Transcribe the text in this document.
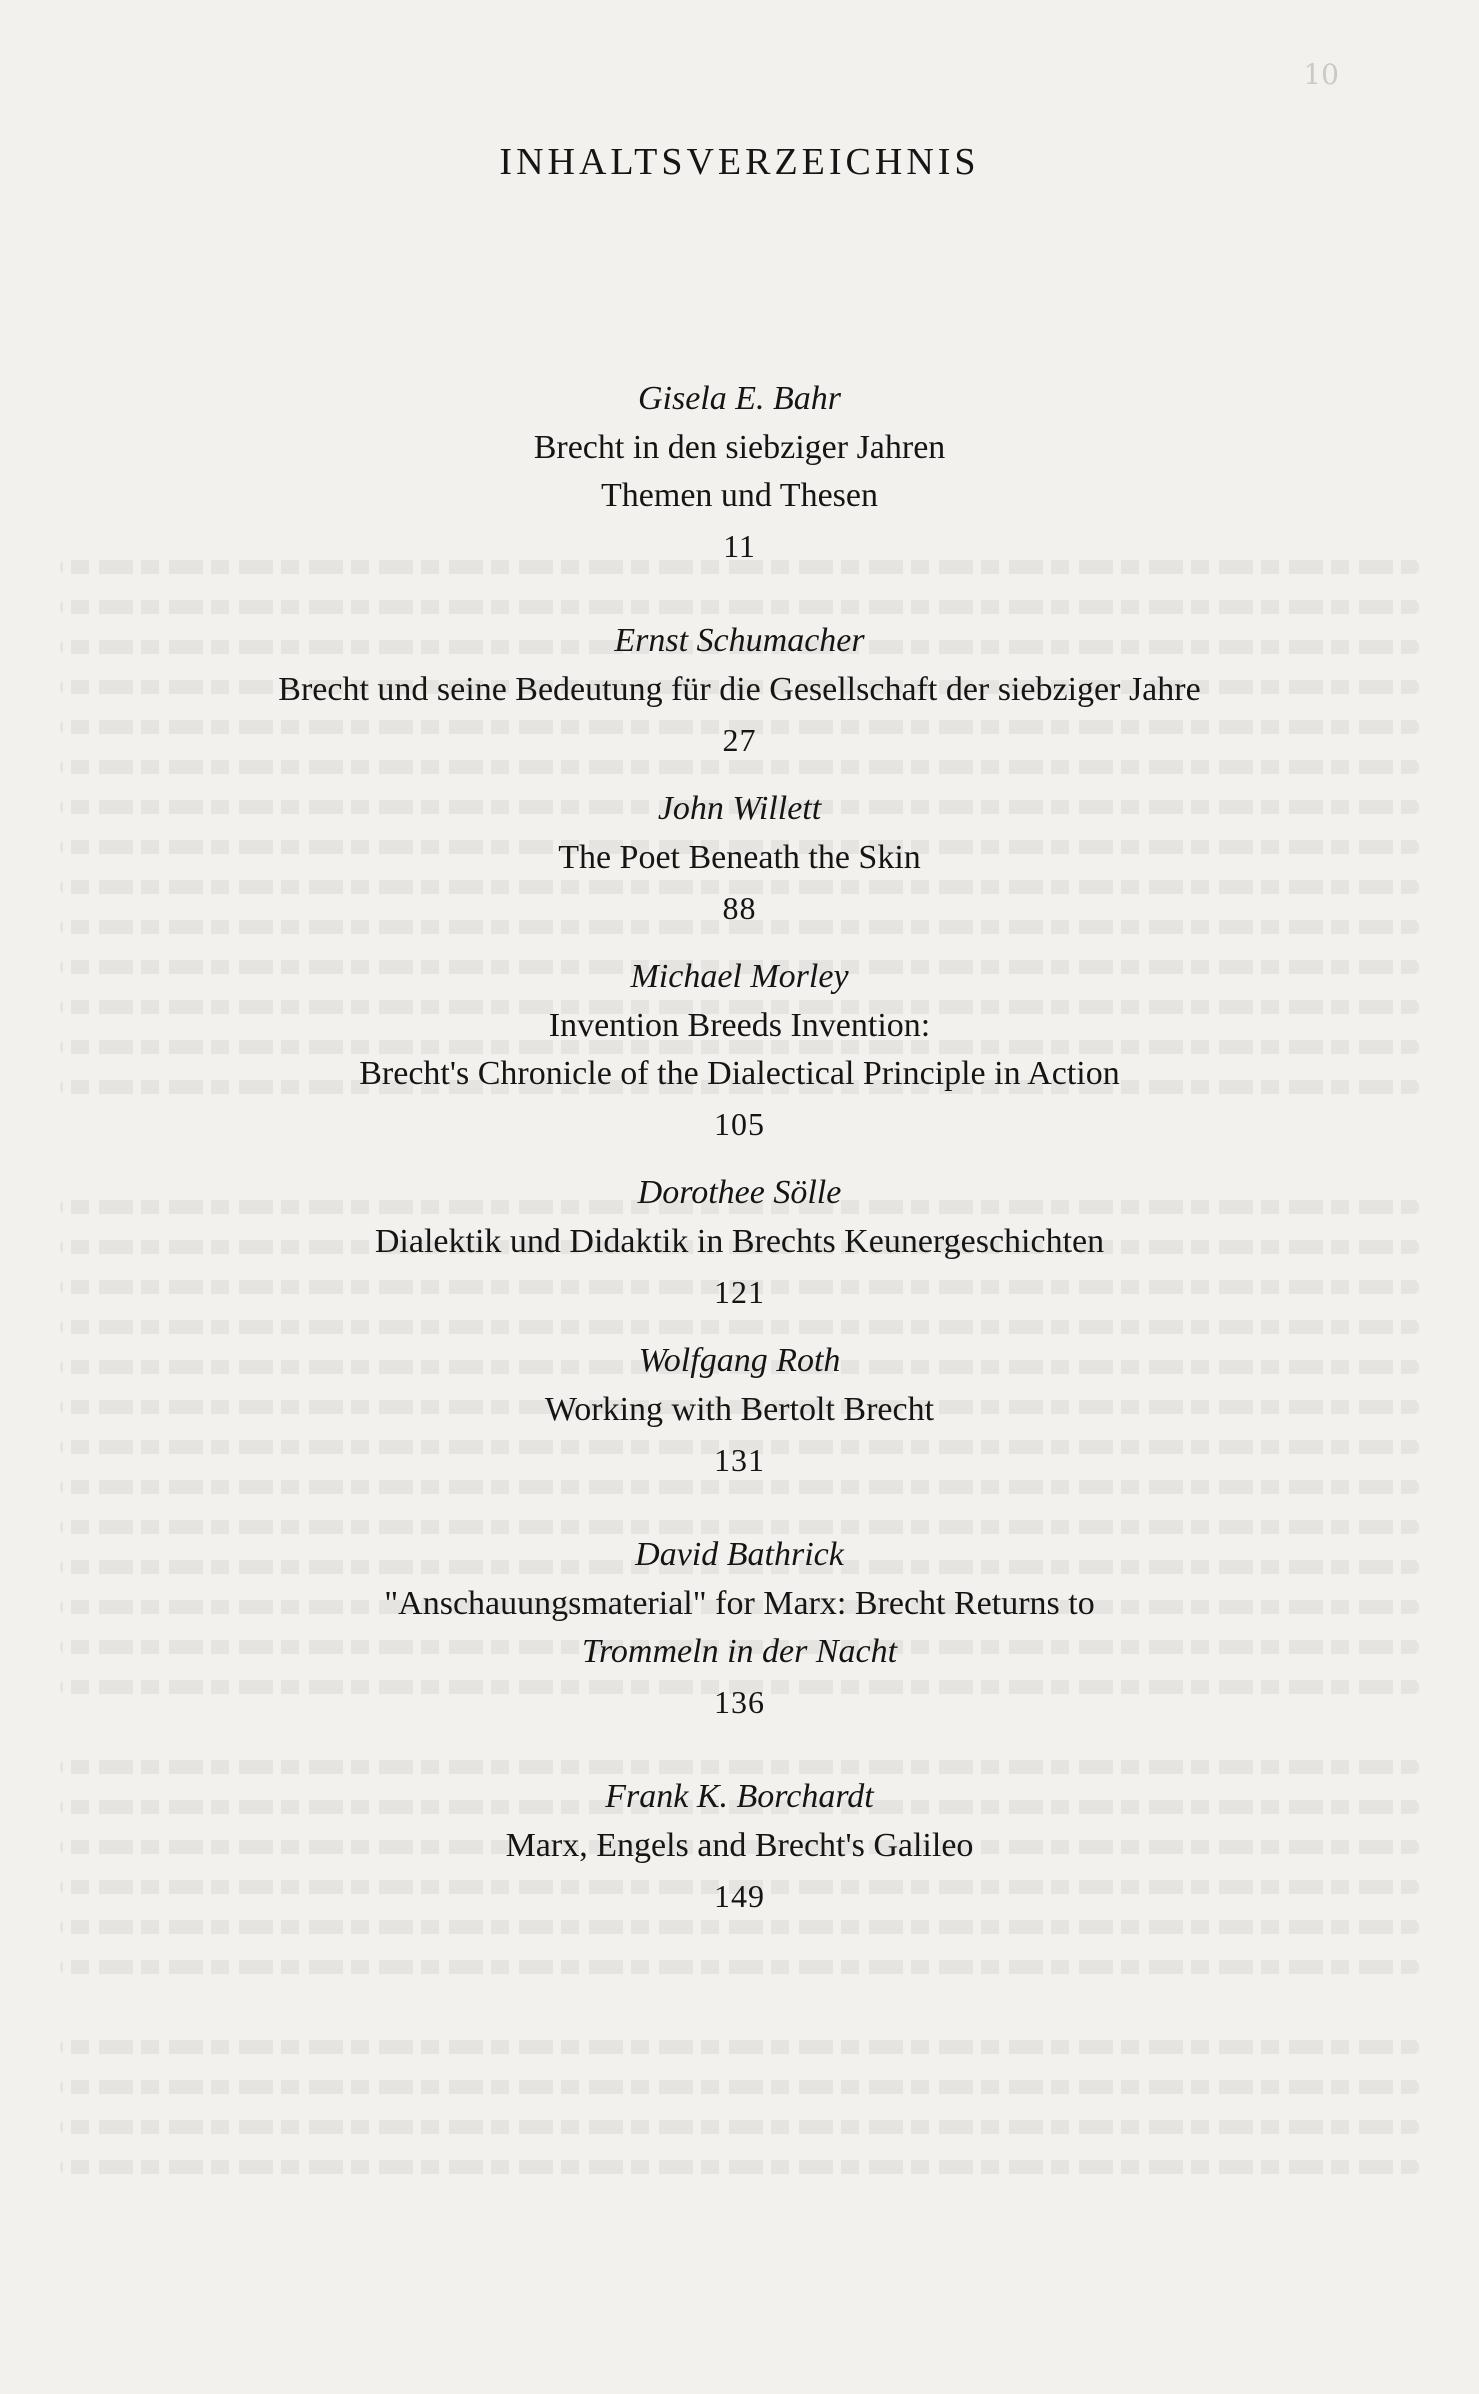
10
INHALTSVERZEICHNIS
Gisela E. Bahr
Brecht in den siebziger Jahren
Themen und Thesen
11
Ernst Schumacher
Brecht und seine Bedeutung für die Gesellschaft der siebziger Jahre
27
John Willett
The Poet Beneath the Skin
88
Michael Morley
Invention Breeds Invention:
Brecht's Chronicle of the Dialectical Principle in Action
105
Dorothee Sölle
Dialektik und Didaktik in Brechts Keunergeschichten
121
Wolfgang Roth
Working with Bertolt Brecht
131
David Bathrick
"Anschauungsmaterial" for Marx: Brecht Returns to
Trommeln in der Nacht
136
Frank K. Borchardt
Marx, Engels and Brecht's Galileo
149
